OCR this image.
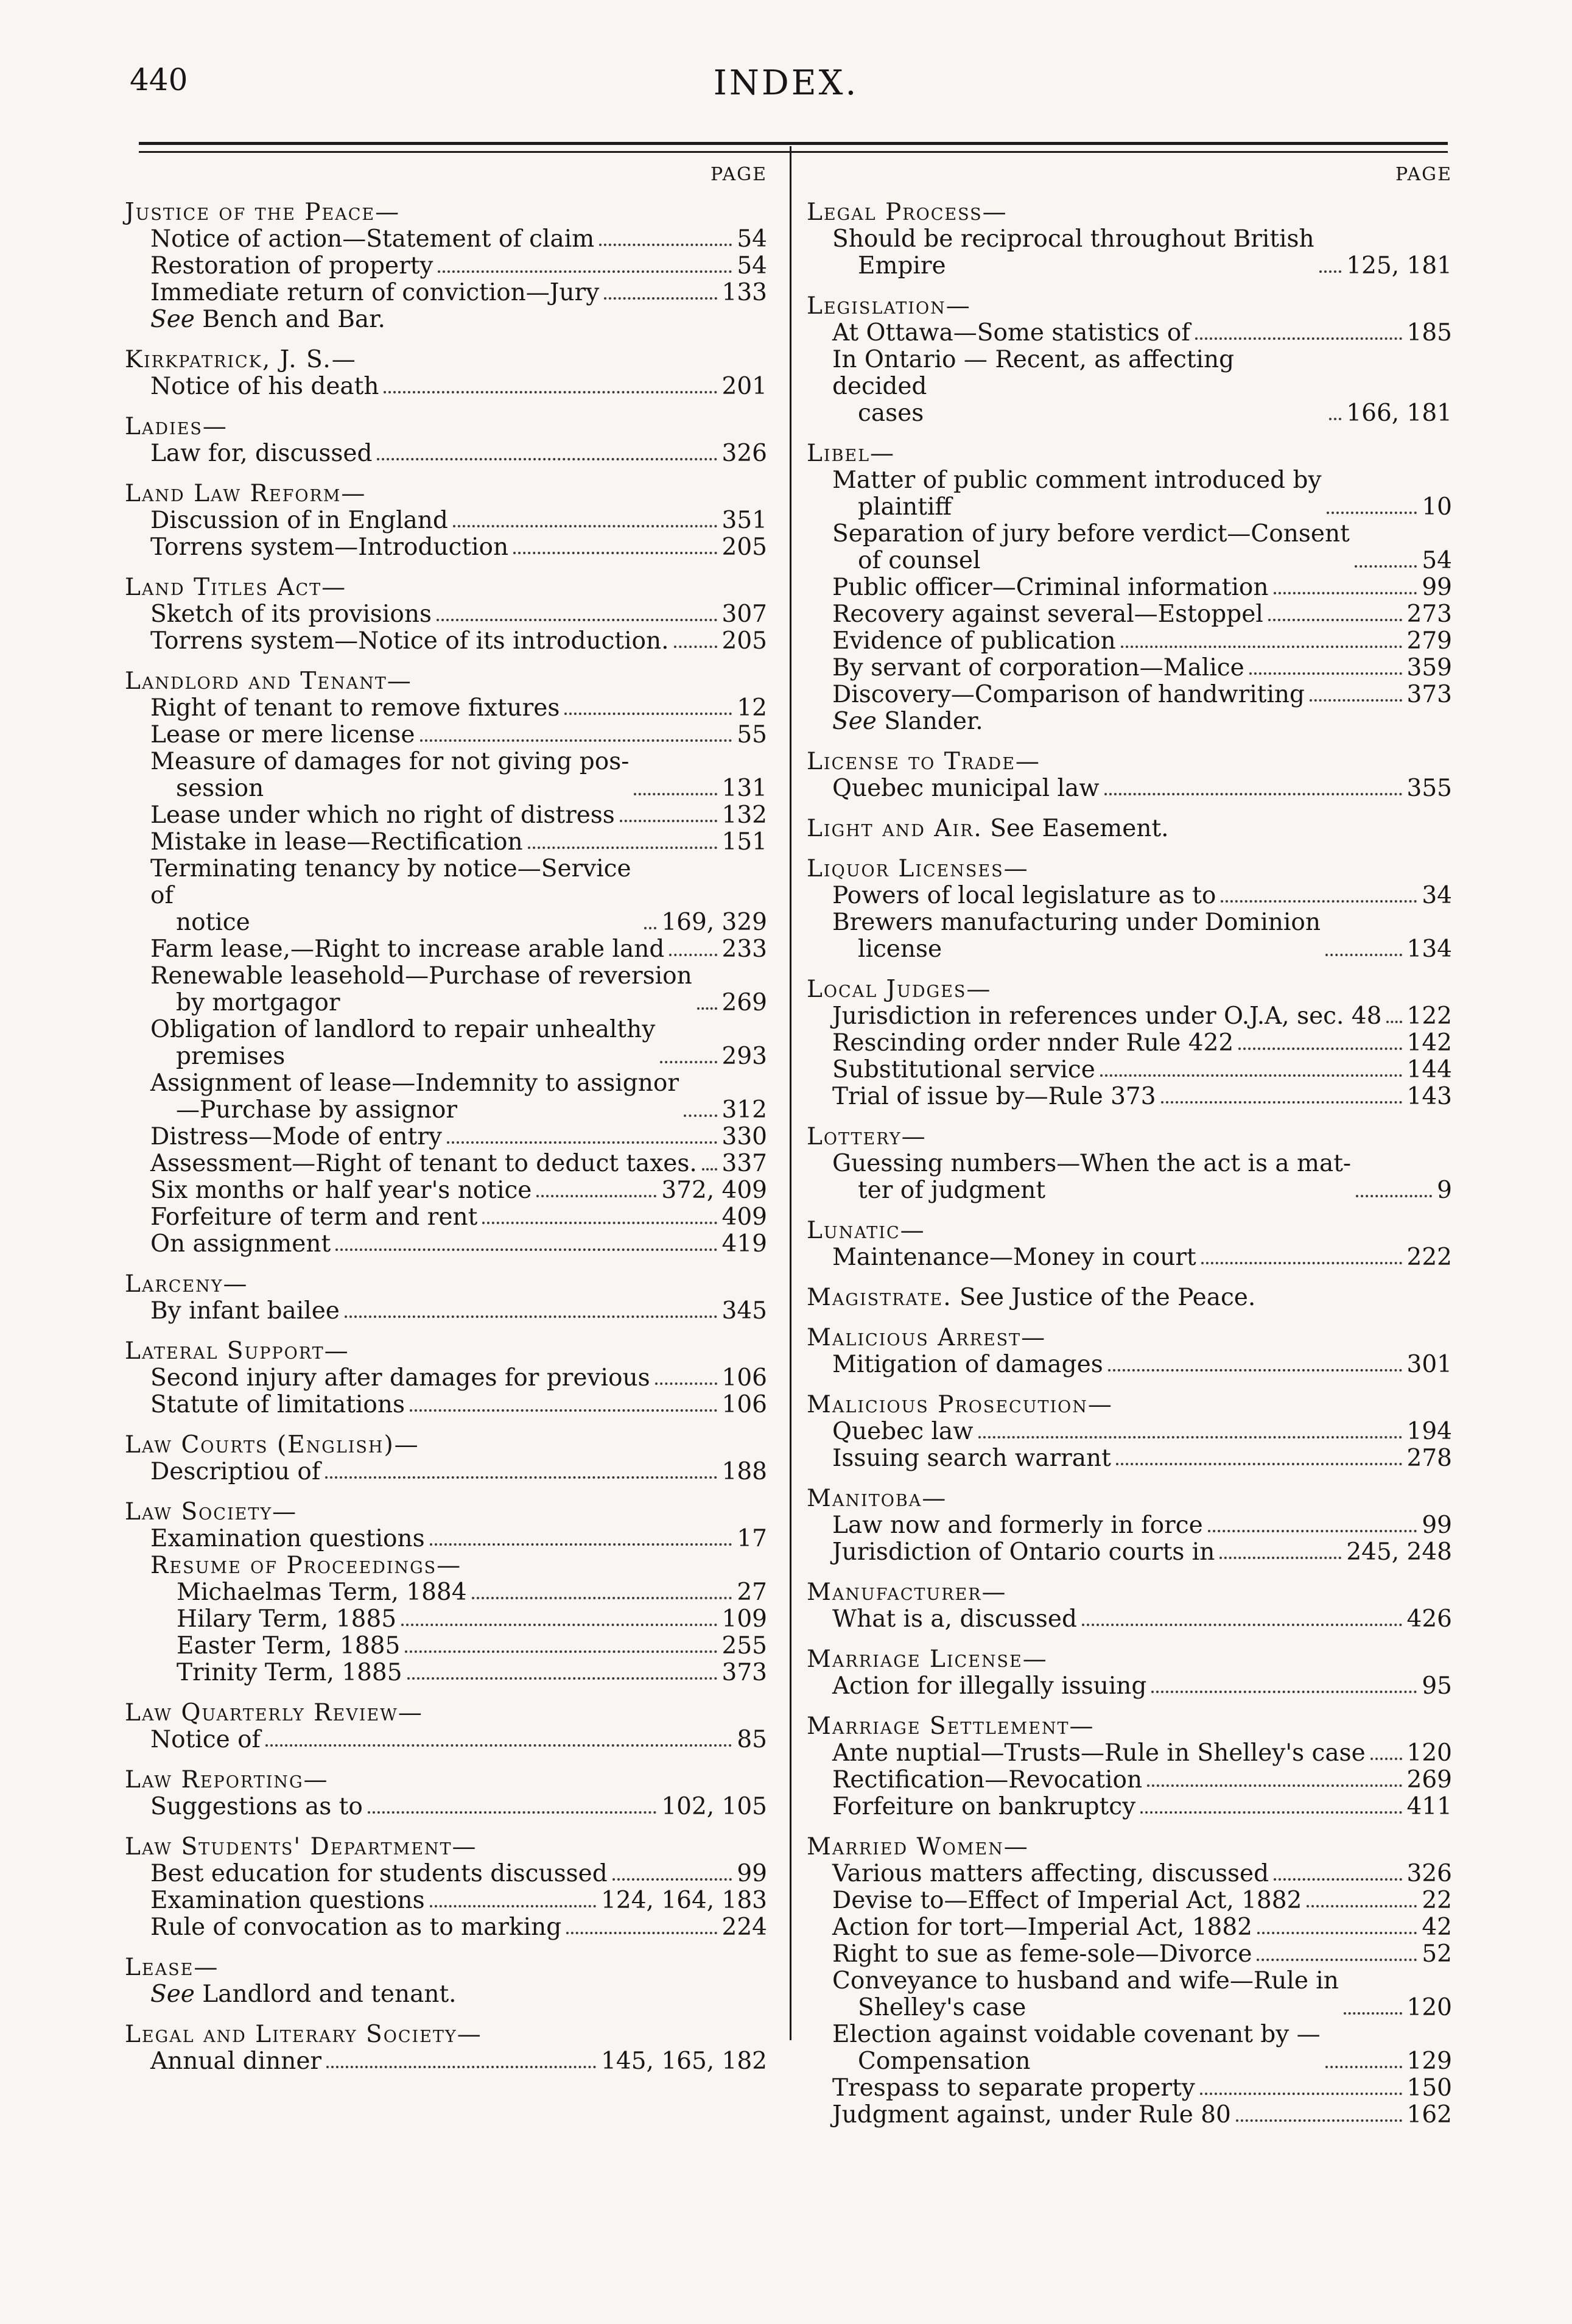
440	INDEX.
PAGE
Justice of the Peace—
Notice of action—Statement of claim	54
Restoration of property	54
Immediate return of conviction—Jury	133
See Bench and Bar.
Kirkpatrick, J. S.—
Notice of his death	201
Ladies—
Law for, discussed	326
Land Law Reform—
Discussion of in England	351
Torrens system—Introduction	205
Land Titles Act—
Sketch of its provisions	307
Torrens system—Notice of its introduction. 205
Landlord and Tenant—
Right of tenant to remove fixtures	12
Lease or mere license	55
Measure of damages for not giving pos-
session	131
Lease under which no right of distress	132
Mistake in lease—Rectification	151
Terminating tenancy by notice—Service of
notice	169, 329
Farm lease,—Right to increase arable land 233
Renewable leasehold—Purchase of reversion
by mortgagor	269
Obligation of landlord to repair unhealthy
premises	293
Assignment of lease—Indemnity to assignor
—Purchase by assignor	312
Distress—Mode of entry	330
Assessment—Right of tenant to deduct taxes. 337
Six months or half year's notice	372, 409
Forfeiture of term and rent	409
On assignment	419
Larceny—
By infant bailee	345
Lateral Support—
Second injury after damages for previous	106
Statute of limitations	106
Law Courts (English)—
Descriptiou of	188
Law Society—
Examination questions	17
Resume of Proceedings—
Michaelmas Term, 1884	27
Hilary Term, 1885	109
Easter Term, 1885	255
Trinity Term, 1885	373
Law Quarterly Review—
Notice of	85
Law Reporting—
Suggestions as to	102, 105
Law Students' Department—
Best education for students discussed	99
Examination questions	124, 164, 183
Rule of convocation as to marking	224
Lease—
See Landlord and tenant.
Legal and Literary Society—
Annual dinner	145, 165, 182
PAGE
Legal Process—
Should be reciprocal throughout British
Empire	125, 181
Legislation—
At Ottawa—Some statistics of	185
In Ontario — Recent, as affecting decided
cases	166, 181
Libel—
Matter of public comment introduced by
plaintiff	10
Separation of jury before verdict—Consent
of counsel	54
Public officer—Criminal information	99
Recovery against several—Estoppel	273
Evidence of publication	279
By servant of corporation—Malice	359
Discovery—Comparison of handwriting	373
See Slander.
License to Trade—
Quebec municipal law	355
Light and Air. See Easement.
Liquor Licenses—
Powers of local legislature as to	34
Brewers manufacturing under Dominion
license	134
Local Judges—
Jurisdiction in references under O.J.A, sec. 48 122
Rescinding order nnder Rule 422	142
Substitutional service	144
Trial of issue by—Rule 373	143
Lottery—
Guessing numbers—When the act is a mat-
ter of judgment	9
Lunatic—
Maintenance—Money in court	222
Magistrate. See Justice of the Peace.
Malicious Arrest—
Mitigation of damages	301
Malicious Prosecution—
Quebec law	194
Issuing search warrant	278
Manitoba—
Law now and formerly in force	99
Jurisdiction of Ontario courts in	245, 248
Manufacturer—
What is a, discussed	426
Marriage License—
Action for illegally issuing	95
Marriage Settlement—
Ante nuptial—Trusts—Rule in Shelley's case 120
Rectification—Revocation	269
Forfeiture on bankruptcy	411
Married Women—
Various matters affecting, discussed	326
Devise to—Effect of Imperial Act, 1882	22
Action for tort—Imperial Act, 1882	42
Right to sue as feme-sole—Divorce	52
Conveyance to husband and wife—Rule in
Shelley's case	120
Election against voidable covenant by —
Compensation	129
Trespass to separate property	150
Judgment against, under Rule 80	162
